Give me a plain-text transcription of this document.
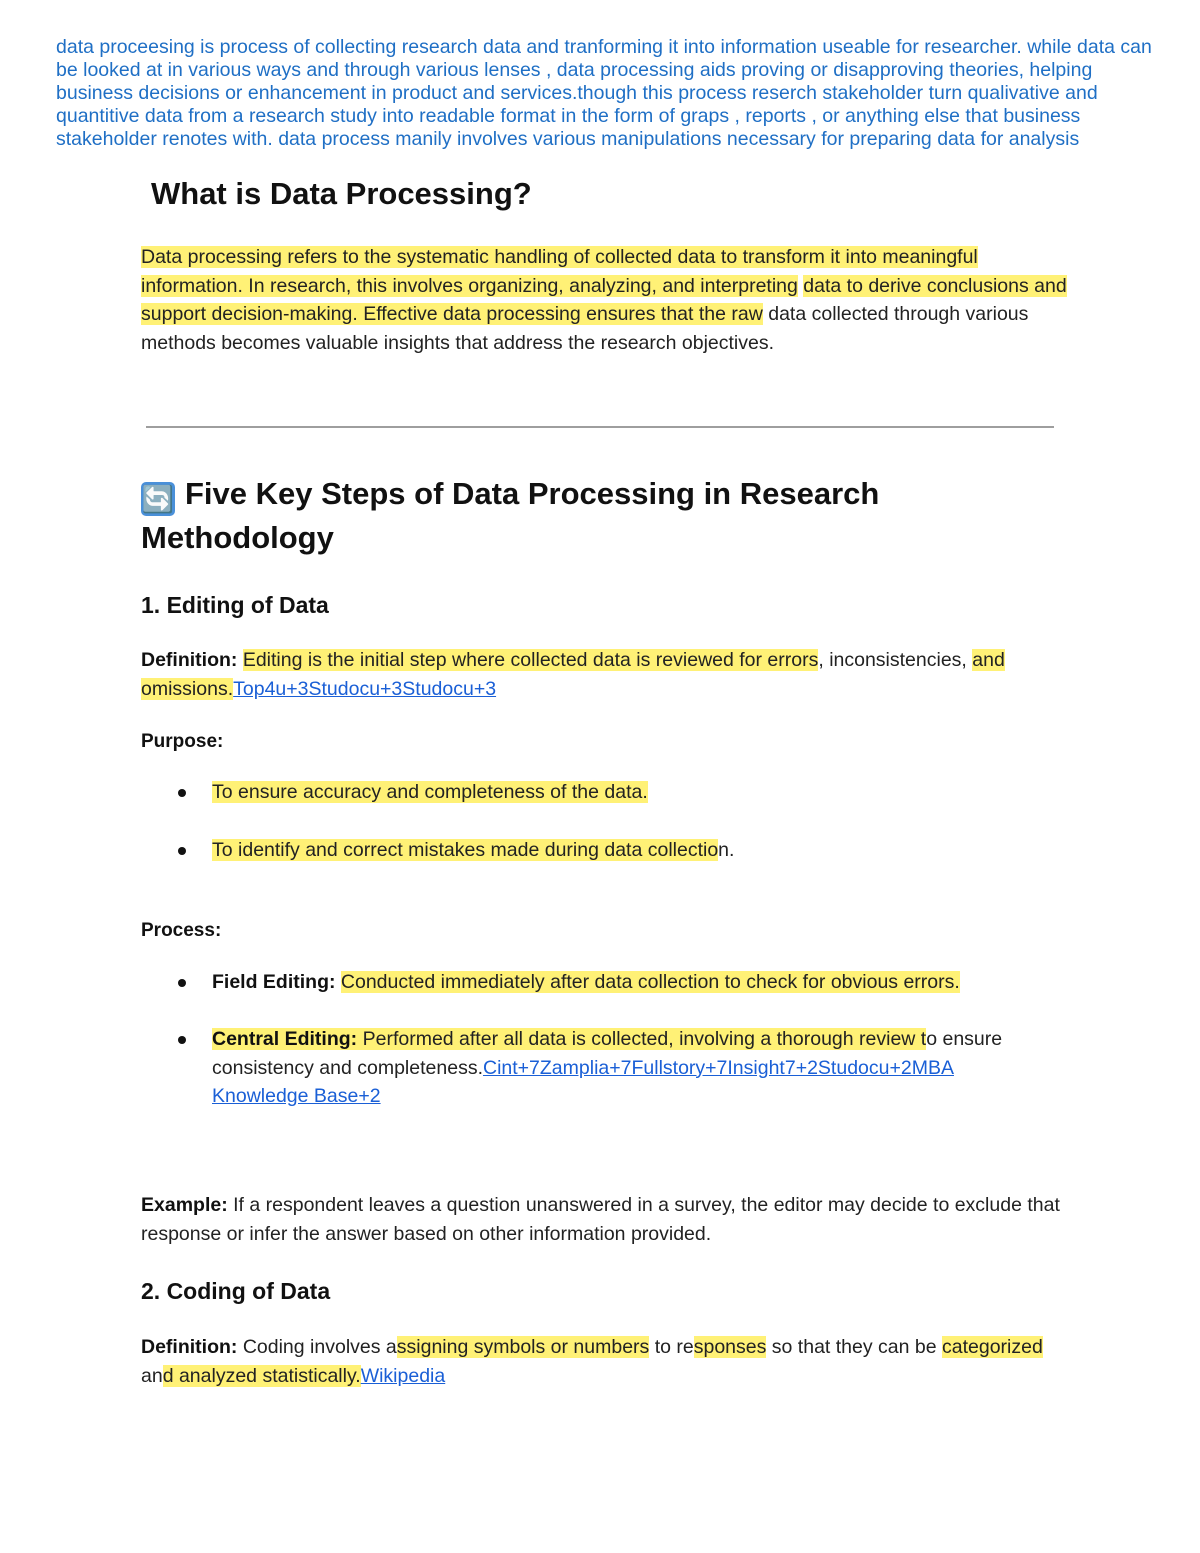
data proceesing is process of collecting research data and tranforming it into information useable for researcher. while data can be looked at in various ways and through various lenses , data processing aids proving or disapproving theories, helping business decisions or enhancement in product and services.though this process reserch stakeholder turn qualivative and quantitive data from a research study into readable format in the form of graps , reports , or anything else that business stakeholder renotes with. data process manily involves various manipulations necessary for preparing data for analysis

What is Data Processing?

Data processing refers to the systematic handling of collected data to transform it into meaningful information. In research, this involves organizing, analyzing, and interpreting data to derive conclusions and support decision-making. Effective data processing ensures that the raw data collected through various methods becomes valuable insights that address the research objectives.

🔄 Five Key Steps of Data Processing in Research Methodology
1. Editing of Data

Definition: Editing is the initial step where collected data is reviewed for errors, inconsistencies, and omissions.Top4u+3Studocu+3Studocu+3

Purpose:

To ensure accuracy and completeness of the data.

To identify and correct mistakes made during data collection.

Process:

Field Editing: Conducted immediately after data collection to check for obvious errors.

Central Editing: Performed after all data is collected, involving a thorough review to ensure consistency and completeness.Cint+7Zamplia+7Fullstory+7Insight7+2Studocu+2MBA Knowledge Base+2

Example: If a respondent leaves a question unanswered in a survey, the editor may decide to exclude that response or infer the answer based on other information provided.

2. Coding of Data

Definition: Coding involves assigning symbols or numbers to responses so that they can be categorized and analyzed statistically.Wikipedia
